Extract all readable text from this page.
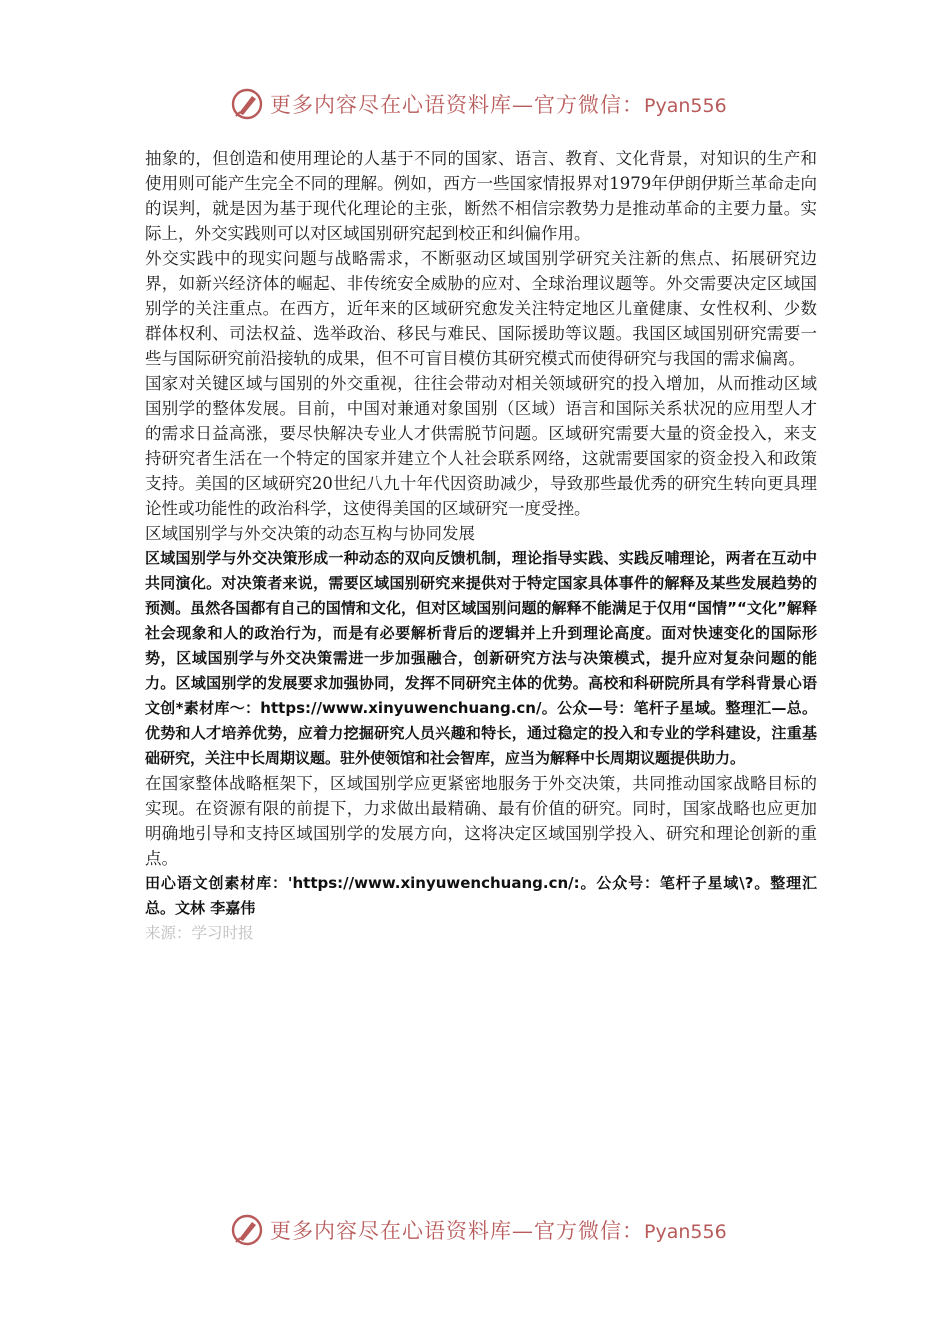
更多内容尽在心语资料库—官方微信：Pyan556

抽象的，但创造和使用理论的人基于不同的国家、语言、教育、文化背景，对知识的生产和使用则可能产生完全不同的理解。例如，西方一些国家情报界对1979年伊朗伊斯兰革命走向的误判，就是因为基于现代化理论的主张，断然不相信宗教势力是推动革命的主要力量。实际上，外交实践则可以对区域国别研究起到校正和纠偏作用。

外交实践中的现实问题与战略需求，不断驱动区域国别学研究关注新的焦点、拓展研究边界，如新兴经济体的崛起、非传统安全威胁的应对、全球治理议题等。外交需要决定区域国别学的关注重点。在西方，近年来的区域研究愈发关注特定地区儿童健康、女性权利、少数群体权利、司法权益、选举政治、移民与难民、国际援助等议题。我国区域国别研究需要一些与国际研究前沿接轨的成果，但不可盲目模仿其研究模式而使得研究与我国的需求偏离。

国家对关键区域与国别的外交重视，往往会带动对相关领域研究的投入增加，从而推动区域国别学的整体发展。目前，中国对兼通对象国别（区域）语言和国际关系状况的应用型人才的需求日益高涨，要尽快解决专业人才供需脱节问题。区域研究需要大量的资金投入，来支持研究者生活在一个特定的国家并建立个人社会联系网络，这就需要国家的资金投入和政策支持。美国的区域研究20世纪八九十年代因资助减少，导致那些最优秀的研究生转向更具理论性或功能性的政治科学，这使得美国的区域研究一度受挫。

区域国别学与外交决策的动态互构与协同发展

区域国别学与外交决策形成一种动态的双向反馈机制，理论指导实践、实践反哺理论，两者在互动中共同演化。对决策者来说，需要区域国别研究来提供对于特定国家具体事件的解释及某些发展趋势的预测。虽然各国都有自己的国情和文化，但对区域国别问题的解释不能满足于仅用“国情”“文化”解释社会现象和人的政治行为，而是有必要解析背后的逻辑并上升到理论高度。面对快速变化的国际形势，区域国别学与外交决策需进一步加强融合，创新研究方法与决策模式，提升应对复杂问题的能力。区域国别学的发展要求加强协同，发挥不同研究主体的优势。高校和科研院所具有学科背景心语文创*素材库～：https://www.xinyuwenchuang.cn/。公众—号：笔杆子星域。整理汇—总。优势和人才培养优势，应着力挖掘研究人员兴趣和特长，通过稳定的投入和专业的学科建设，注重基础研究，关注中长周期议题。驻外使领馆和社会智库，应当为解释中长周期议题提供助力。

在国家整体战略框架下，区域国别学应更紧密地服务于外交决策，共同推动国家战略目标的实现。在资源有限的前提下，力求做出最精确、最有价值的研究。同时，国家战略也应更加明确地引导和支持区域国别学的发展方向，这将决定区域国别学投入、研究和理论创新的重点。

田心语文创素材库：'https://www.xinyuwenchuang.cn/:。公众号：笔杆子星域\?。整理汇总。文林 李嘉伟

来源：学习时报

更多内容尽在心语资料库—官方微信：Pyan556
